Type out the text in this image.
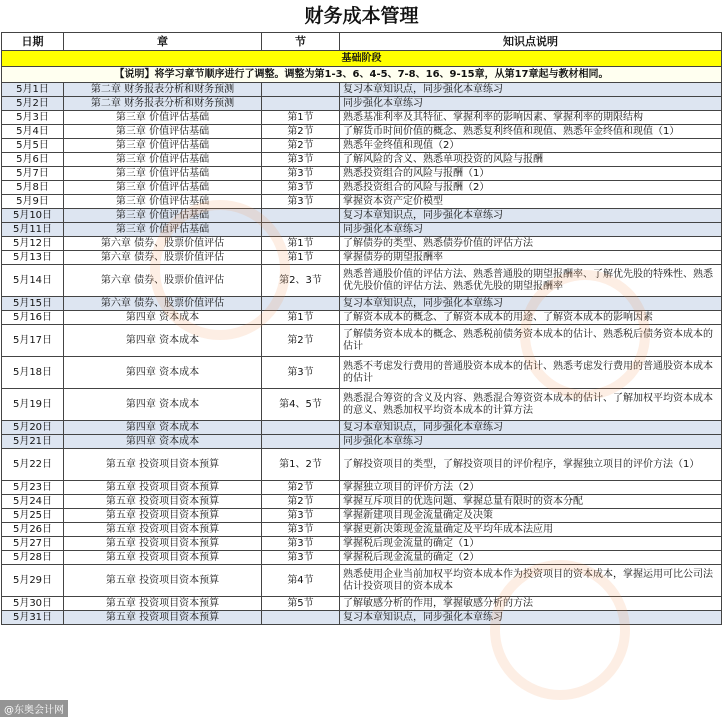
财务成本管理
日期	章	节	知识点说明
基础阶段			
【说明】将学习章节顺序进行了调整。调整为第1-3、6、4-5、7-8、16、9-15章，从第17章起与教材相同。			
5月1日	第二章 财务报表分析和财务预测		复习本章知识点，同步强化本章练习
5月2日	第二章 财务报表分析和财务预测		同步强化本章练习
5月3日	第三章 价值评估基础	第1节	熟悉基准利率及其特征、掌握利率的影响因素、掌握利率的期限结构
5月4日	第三章 价值评估基础	第2节	了解货币时间价值的概念、熟悉复利终值和现值、熟悉年金终值和现值（1）
5月5日	第三章 价值评估基础	第2节	熟悉年金终值和现值（2）
5月6日	第三章 价值评估基础	第3节	了解风险的含义、熟悉单项投资的风险与报酬
5月7日	第三章 价值评估基础	第3节	熟悉投资组合的风险与报酬（1）
5月8日	第三章 价值评估基础	第3节	熟悉投资组合的风险与报酬（2）
5月9日	第三章 价值评估基础	第3节	掌握资本资产定价模型
5月10日	第三章 价值评估基础		复习本章知识点，同步强化本章练习
5月11日	第三章 价值评估基础		同步强化本章练习
5月12日	第六章 债券、股票价值评估	第1节	了解债券的类型、熟悉债券价值的评估方法
5月13日	第六章 债券、股票价值评估	第1节	掌握债券的期望报酬率
5月14日	第六章 债券、股票价值评估	第2、3节	熟悉普通股价值的评估方法、熟悉普通股的期望报酬率、了解优先股的特殊性、熟悉优先股价值的评估方法、熟悉优先股的期望报酬率
5月15日	第六章 债券、股票价值评估		复习本章知识点，同步强化本章练习
5月16日	第四章 资本成本	第1节	了解资本成本的概念、了解资本成本的用途、了解资本成本的影响因素
5月17日	第四章 资本成本	第2节	了解债务资本成本的概念、熟悉税前债务资本成本的估计、熟悉税后债务资本成本的估计
5月18日	第四章 资本成本	第3节	熟悉不考虑发行费用的普通股资本成本的估计、熟悉考虑发行费用的普通股资本成本的估计
5月19日	第四章 资本成本	第4、5节	熟悉混合筹资的含义及内容、熟悉混合筹资资本成本的估计、了解加权平均资本成本的意义、熟悉加权平均资本成本的计算方法
5月20日	第四章 资本成本		复习本章知识点，同步强化本章练习
5月21日	第四章 资本成本		同步强化本章练习
5月22日	第五章 投资项目资本预算	第1、2节	了解投资项目的类型，了解投资项目的评价程序，掌握独立项目的评价方法（1）
5月23日	第五章 投资项目资本预算	第2节	掌握独立项目的评价方法（2）
5月24日	第五章 投资项目资本预算	第2节	掌握互斥项目的优选问题、掌握总量有限时的资本分配
5月25日	第五章 投资项目资本预算	第3节	掌握新建项目现金流量确定及决策
5月26日	第五章 投资项目资本预算	第3节	掌握更新决策现金流量确定及平均年成本法应用
5月27日	第五章 投资项目资本预算	第3节	掌握税后现金流量的确定（1）
5月28日	第五章 投资项目资本预算	第3节	掌握税后现金流量的确定（2）
5月29日	第五章 投资项目资本预算	第4节	熟悉使用企业当前加权平均资本成本作为投资项目的资本成本，掌握运用可比公司法估计投资项目的资本成本
5月30日	第五章 投资项目资本预算	第5节	了解敏感分析的作用，掌握敏感分析的方法
5月31日	第五章 投资项目资本预算		复习本章知识点，同步强化本章练习
@东奥会计网
